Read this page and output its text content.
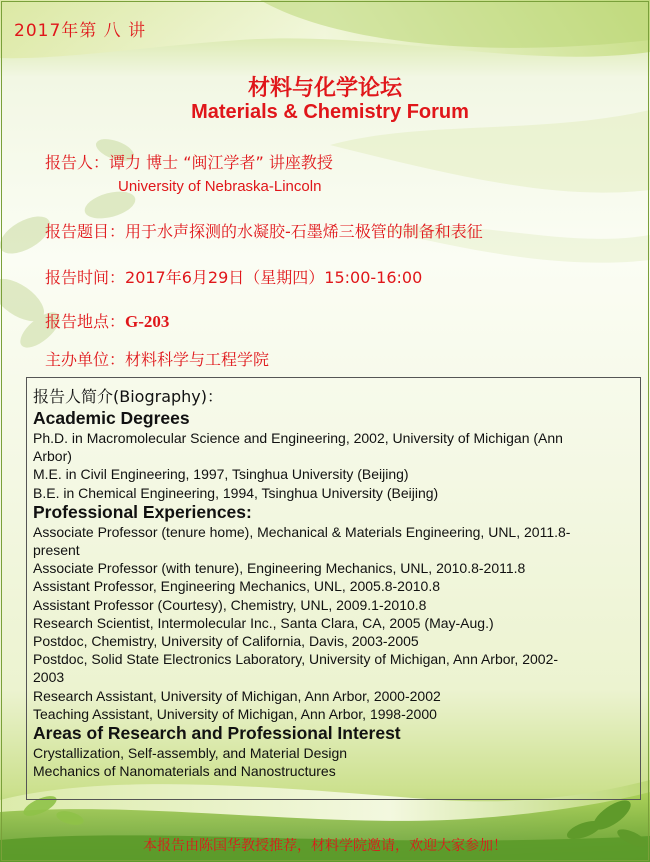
2017年第 八 讲
材料与化学论坛
Materials & Chemistry Forum
报告人：谭力 博士 “闽江学者” 讲座教授
University of Nebraska-Lincoln
报告题目：用于水声探测的水凝胶-石墨烯三极管的制备和表征
报告时间：2017年6月29日（星期四）15:00-16:00
报告地点：G-203
主办单位：材料科学与工程学院
报告人简介(Biography)：
Academic Degrees
Ph.D. in Macromolecular Science and Engineering, 2002, University of Michigan (Ann
Arbor)
M.E. in Civil Engineering, 1997, Tsinghua University (Beijing)
B.E. in Chemical Engineering, 1994, Tsinghua University (Beijing)
Professional Experiences:
Associate Professor (tenure home), Mechanical & Materials Engineering, UNL, 2011.8-
present
Associate Professor (with tenure), Engineering Mechanics, UNL, 2010.8-2011.8
Assistant Professor, Engineering Mechanics, UNL, 2005.8-2010.8
Assistant Professor (Courtesy), Chemistry, UNL, 2009.1-2010.8
Research Scientist, Intermolecular Inc., Santa Clara, CA, 2005 (May-Aug.)
Postdoc, Chemistry, University of California, Davis, 2003-2005
Postdoc, Solid State Electronics Laboratory, University of Michigan, Ann Arbor, 2002-
2003
Research Assistant, University of Michigan, Ann Arbor, 2000-2002
Teaching Assistant, University of Michigan, Ann Arbor, 1998-2000
Areas of Research and Professional Interest
Crystallization, Self-assembly, and Material Design
Mechanics of Nanomaterials and Nanostructures
本报告由陈国华教授推荐，材料学院邀请，欢迎大家参加！
